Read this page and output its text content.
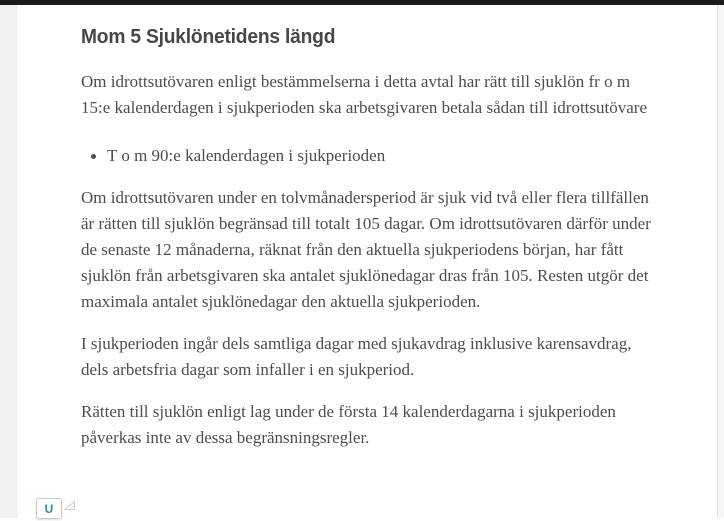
Mom 5 Sjuklönetidens längd

Om idrottsutövaren enligt bestämmelserna i detta avtal har rätt till sjuklön fr o m 15:e kalenderdagen i sjukperioden ska arbetsgivaren betala sådan till idrottsutövare

T o m 90:e kalenderdagen i sjukperioden

Om idrottsutövaren under en tolvmånadersperiod är sjuk vid två eller flera tillfällen är rätten till sjuklön begränsad till totalt 105 dagar. Om idrottsutövaren därför under de senaste 12 månaderna, räknat från den aktuella sjukperiodens början, har fått sjuklön från arbetsgivaren ska antalet sjuklönedagar dras från 105. Resten utgör det maximala antalet sjuklönedagar den aktuella sjukperioden.

I sjukperioden ingår dels samtliga dagar med sjukavdrag inklusive karensavdrag, dels arbetsfria dagar som infaller i en sjukperiod.

Rätten till sjuklön enligt lag under de första 14 kalenderdagarna i sjukperioden påverkas inte av dessa begränsningsregler.

U
